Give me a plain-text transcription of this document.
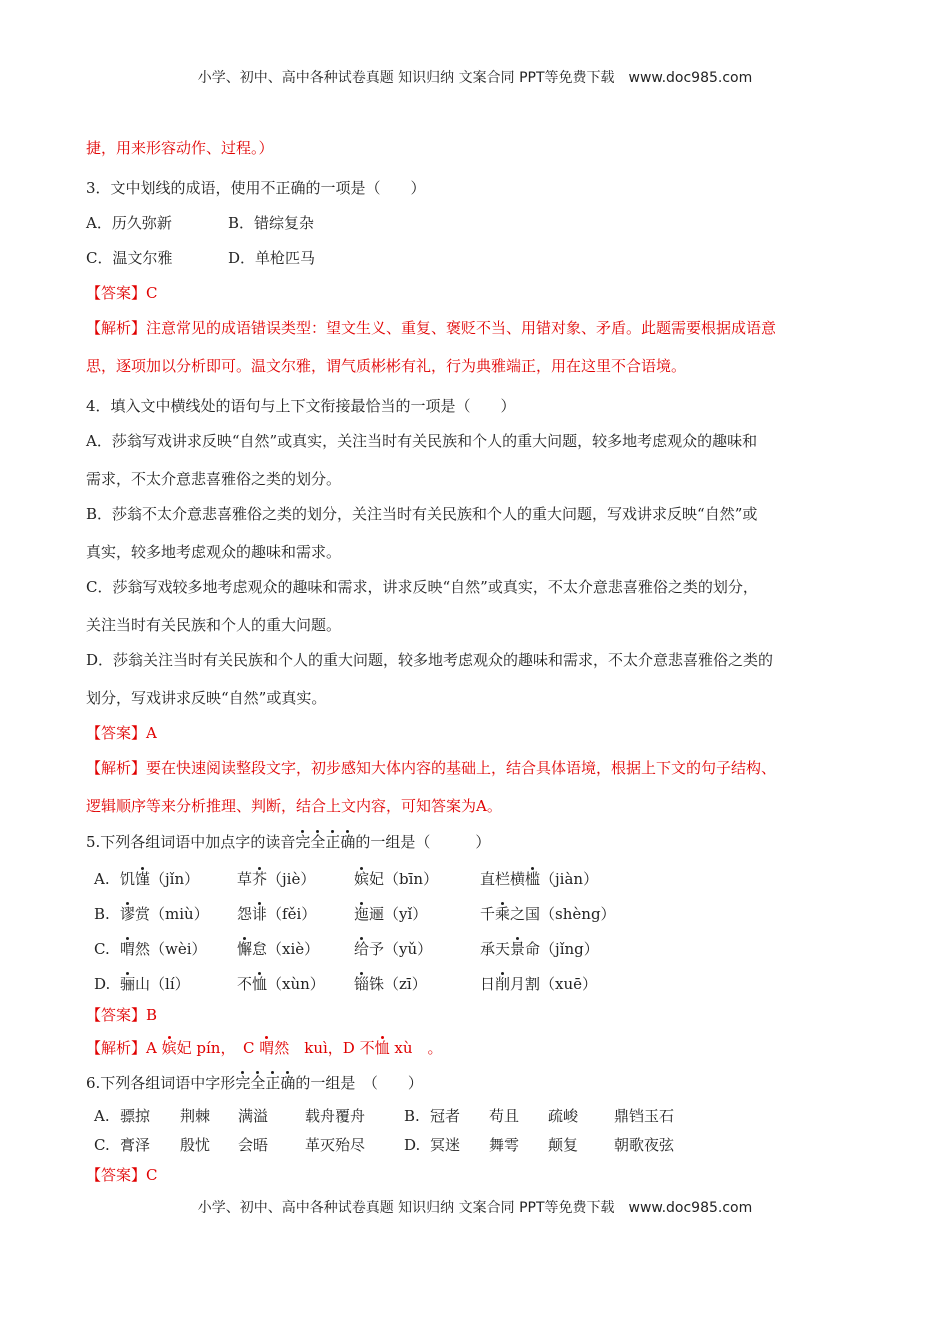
小学、初中、高中各种试卷真题 知识归纳 文案合同 PPT等免费下载　www.doc985.com
捷，用来形容动作、过程。）
3．文中划线的成语，使用不正确的一项是（　　）
A．历久弥新	B．错综复杂
C．温文尔雅	D．单枪匹马
【答案】C
【解析】注意常见的成语错误类型：望文生义、重复、褒贬不当、用错对象、矛盾。此题需要根据成语意
思，逐项加以分析即可。温文尔雅，谓气质彬彬有礼，行为典雅端正，用在这里不合语境。
4．填入文中横线处的语句与上下文衔接最恰当的一项是（　　）
A．莎翁写戏讲求反映“自然”或真实，关注当时有关民族和个人的重大问题，较多地考虑观众的趣味和
需求，不太介意悲喜雅俗之类的划分。
B．莎翁不太介意悲喜雅俗之类的划分，关注当时有关民族和个人的重大问题，写戏讲求反映“自然”或
真实，较多地考虑观众的趣味和需求。
C．莎翁写戏较多地考虑观众的趣味和需求，讲求反映“自然”或真实，不太介意悲喜雅俗之类的划分，
关注当时有关民族和个人的重大问题。
D．莎翁关注当时有关民族和个人的重大问题，较多地考虑观众的趣味和需求，不太介意悲喜雅俗之类的
划分，写戏讲求反映“自然”或真实。
【答案】A
【解析】要在快速阅读整段文字，初步感知大体内容的基础上，结合具体语境，根据上下文的句子结构、
逻辑顺序等来分析推理、判断，结合上文内容，可知答案为A。
5.下列各组词语中加点字的读音完全正确的一组是（　　　）
【答案】B
【解析】A 嫔妃 pín，　C 喟然　kuì，D 不恤 xù　。
6.下列各组词语中字形完全正确的一组是　（　　）
【答案】C
小学、初中、高中各种试卷真题 知识归纳 文案合同 PPT等免费下载　www.doc985.com
A. 饥馑（jǐn）	草芥（jiè）	嫔妃（bīn）	直栏横槛（jiàn）
B. 谬赏（miù） 怨诽（fěi）	迤逦（yǐ）	千乘之国（shèng）
C. 喟然（wèi） 懈怠（xiè） 给予（yǔ）	承天景命（jǐng）
D. 骊山（lí）	不恤（xùn） 锱铢（zī）	日削月割（xuē）
A. 骠掠 荆棘 满溢 载舟覆舟	B. 冠者 苟且 疏峻 鼎铛玉石
C. 膏泽 殷忧 会晤 革灭殆尽	D. 冥迷 舞雩 颠复 朝歌夜弦
